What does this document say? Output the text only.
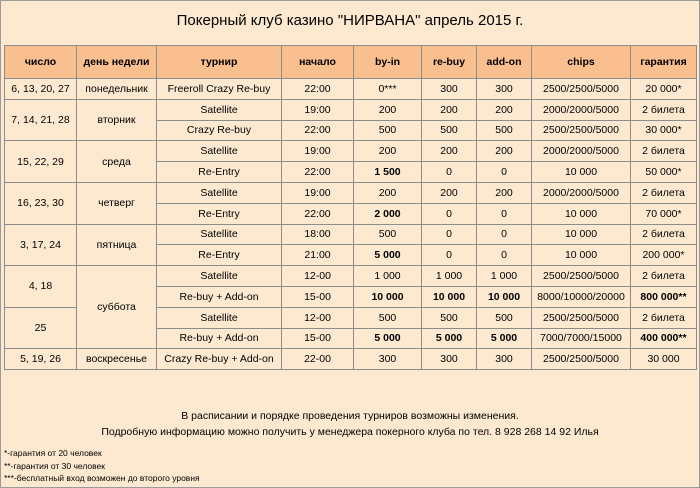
Покерный клуб казино "НИРВАНА" апрель 2015 г.
число	день недели	турнир	начало	by-in	re-buy	add-on	chips	гарантия
6, 13, 20, 27	понедельник	Freeroll Crazy Re-buy	22:00	0***	300	300	2500/2500/5000	20 000*
7, 14, 21, 28	вторник	Satellite	19:00	200	200	200	2000/2000/5000	2 билета
		Crazy Re-buy	22:00	500	500	500	2500/2500/5000	30 000*
15, 22, 29	среда	Satellite	19:00	200	200	200	2000/2000/5000	2 билета
		Re-Entry	22:00	1 500	0	0	10 000	50 000*
16, 23, 30	четверг	Satellite	19:00	200	200	200	2000/2000/5000	2 билета
		Re-Entry	22:00	2 000	0	0	10 000	70 000*
3, 17, 24	пятница	Satellite	18:00	500	0	0	10 000	2 билета
		Re-Entry	21:00	5 000	0	0	10 000	200 000*
4, 18	суббота	Satellite	12-00	1 000	1 000	1 000	2500/2500/5000	2 билета
		Re-buy + Add-on	15-00	10 000	10 000	10 000	8000/10000/20000	800 000**
25		Satellite	12-00	500	500	500	2500/2500/5000	2 билета
		Re-buy + Add-on	15-00	5 000	5 000	5 000	7000/7000/15000	400 000**
5, 19, 26	воскресенье	Crazy Re-buy + Add-on	22-00	300	300	300	2500/2500/5000	30 000
В расписании и порядке проведения турниров возможны изменения.
Подробную информацию можно получить у менеджера покерного клуба по тел. 8 928 268 14 92 Илья
*-гарантия от 20 человек
**-гарантия от 30 человек
***-бесплатный вход возможен до второго уровня
